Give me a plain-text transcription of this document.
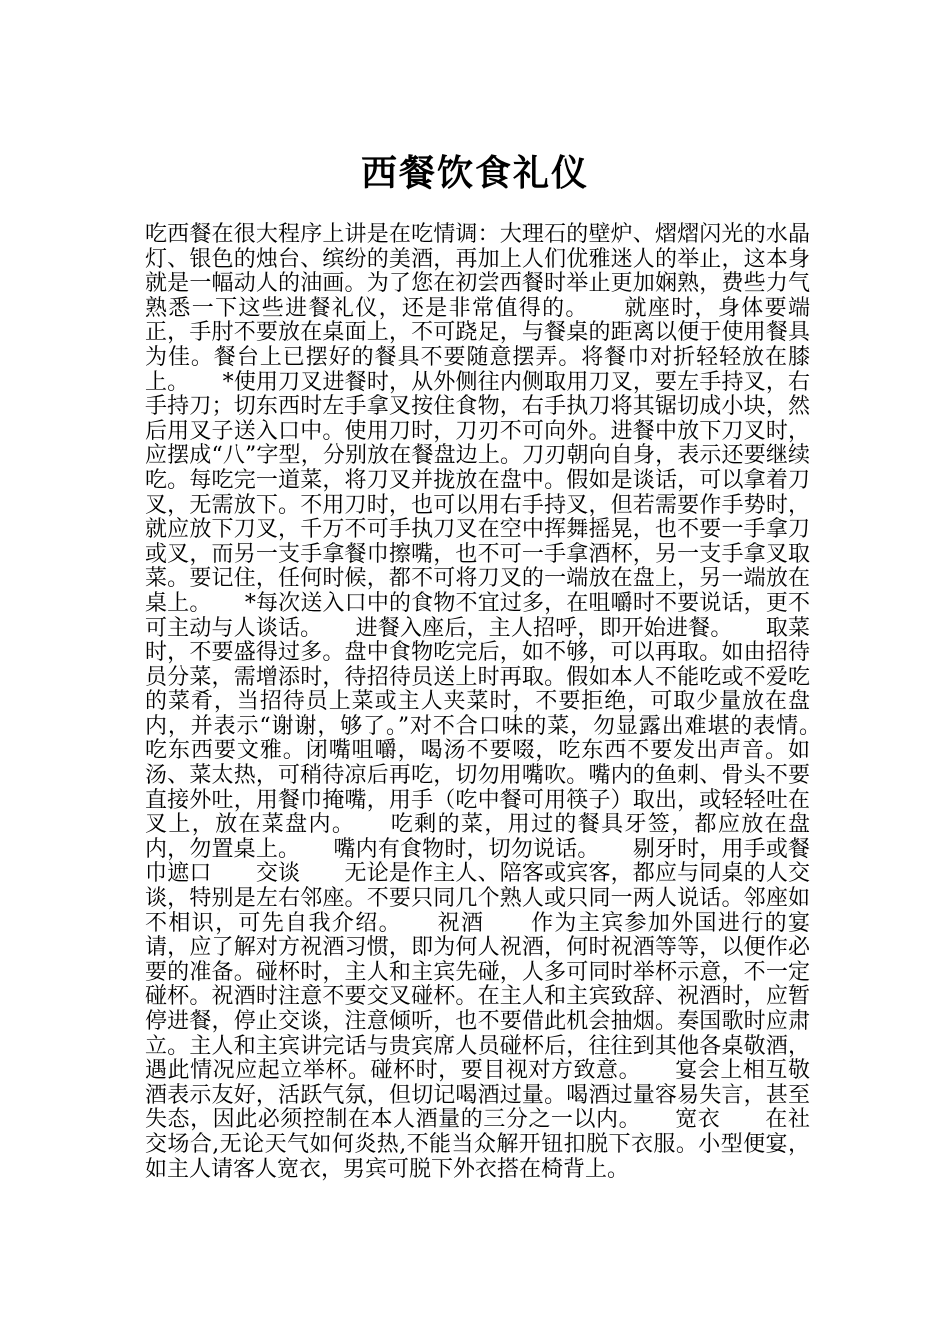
西餐饮食礼仪

吃西餐在很大程序上讲是在吃情调：大理石的壁炉、熠熠闪光的水晶灯、银色的烛台、缤纷的美酒，再加上人们优雅迷人的举止，这本身就是一幅动人的油画。为了您在初尝西餐时举止更加娴熟，费些力气熟悉一下这些进餐礼仪，还是非常值得的。　　就座时，身体要端正，手肘不要放在桌面上，不可跷足，与餐桌的距离以便于使用餐具为佳。餐台上已摆好的餐具不要随意摆弄。将餐巾对折轻轻放在膝上。　　*使用刀叉进餐时，从外侧往内侧取用刀叉，要左手持叉，右手持刀；切东西时左手拿叉按住食物，右手执刀将其锯切成小块，然后用叉子送入口中。使用刀时，刀刃不可向外。进餐中放下刀叉时，应摆成“八”字型，分别放在餐盘边上。刀刃朝向自身，表示还要继续吃。每吃完一道菜，将刀叉并拢放在盘中。假如是谈话，可以拿着刀叉，无需放下。不用刀时，也可以用右手持叉，但若需要作手势时，就应放下刀叉，千万不可手执刀叉在空中挥舞摇晃，也不要一手拿刀或叉，而另一支手拿餐巾擦嘴，也不可一手拿酒杯，另一支手拿叉取菜。要记住，任何时候，都不可将刀叉的一端放在盘上，另一端放在桌上。　　*每次送入口中的食物不宜过多，在咀嚼时不要说话，更不可主动与人谈话。　　进餐入座后，主人招呼，即开始进餐。　　取菜时，不要盛得过多。盘中食物吃完后，如不够，可以再取。如由招待员分菜，需增添时，待招待员送上时再取。假如本人不能吃或不爱吃的菜肴，当招待员上菜或主人夹菜时，不要拒绝，可取少量放在盘内，并表示“谢谢，够了。”对不合口味的菜，勿显露出难堪的表情。　　吃东西要文雅。闭嘴咀嚼，喝汤不要啜，吃东西不要发出声音。如汤、菜太热，可稍待凉后再吃，切勿用嘴吹。嘴内的鱼刺、骨头不要直接外吐，用餐巾掩嘴，用手（吃中餐可用筷子）取出，或轻轻吐在叉上，放在菜盘内。　　吃剩的菜，用过的餐具牙签，都应放在盘内，勿置桌上。　　嘴内有食物时，切勿说话。　　剔牙时，用手或餐巾遮口　　交谈　　无论是作主人、陪客或宾客，都应与同桌的人交谈，特别是左右邻座。不要只同几个熟人或只同一两人说话。邻座如不相识，可先自我介绍。　　祝酒　　作为主宾参加外国进行的宴请，应了解对方祝酒习惯，即为何人祝酒，何时祝酒等等，以便作必要的准备。碰杯时，主人和主宾先碰，人多可同时举杯示意，不一定碰杯。祝酒时注意不要交叉碰杯。在主人和主宾致辞、祝酒时，应暂停进餐，停止交谈，注意倾听，也不要借此机会抽烟。奏国歌时应肃立。主人和主宾讲完话与贵宾席人员碰杯后，往往到其他各桌敬酒，遇此情况应起立举杯。碰杯时，要目视对方致意。　　宴会上相互敬酒表示友好，活跃气氛，但切记喝酒过量。喝酒过量容易失言，甚至失态，因此必须控制在本人酒量的三分之一以内。　　宽衣　　在社交场合,无论天气如何炎热,不能当众解开钮扣脱下衣服。小型便宴，如主人请客人宽衣，男宾可脱下外衣搭在椅背上。
